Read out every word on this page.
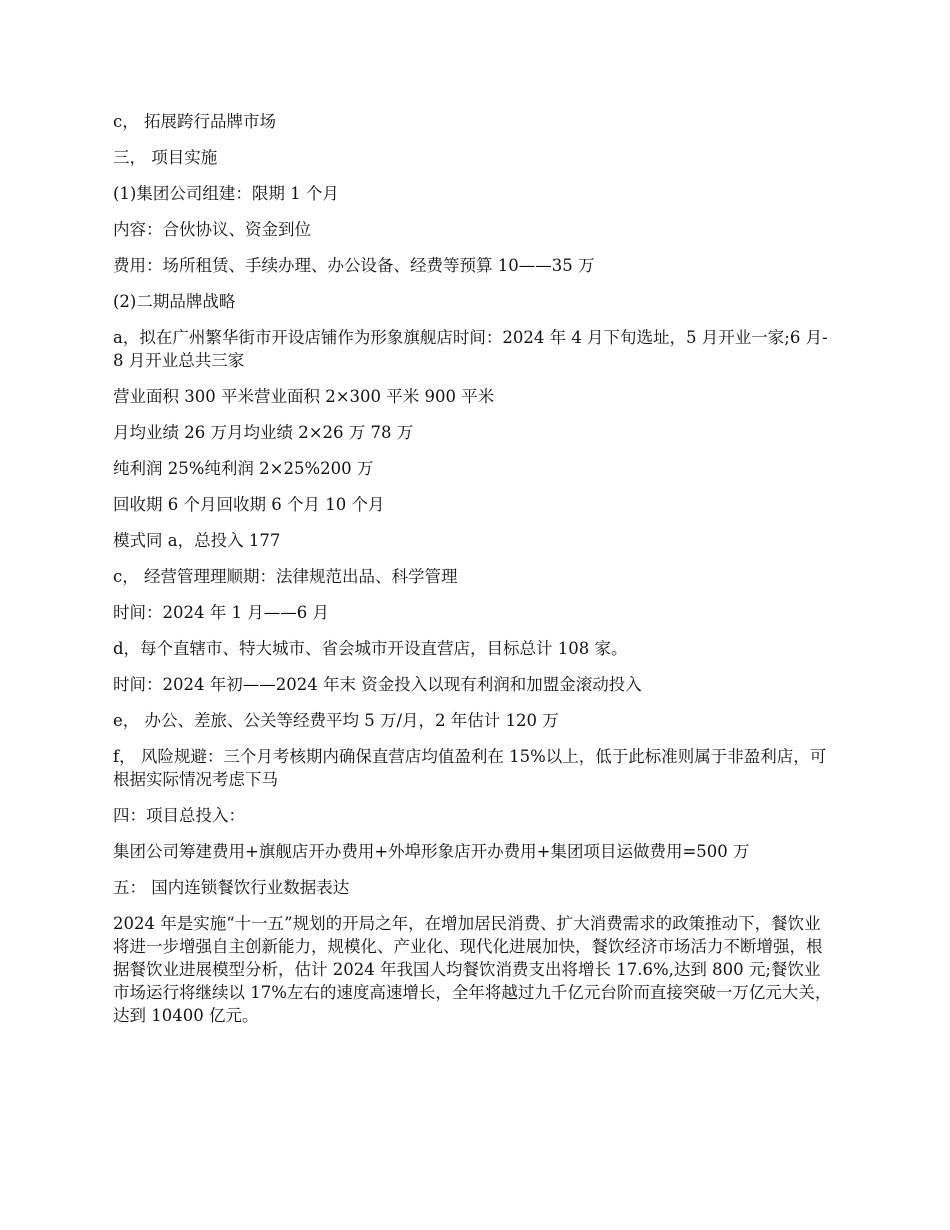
c， 拓展跨行品牌市场

三， 项目实施

(1)集团公司组建：限期 1 个月

内容：合伙协议、资金到位

费用：场所租赁、手续办理、办公设备、经费等预算 10——35 万

(2)二期品牌战略

a，拟在广州繁华街市开设店铺作为形象旗舰店时间：2024 年 4 月下旬选址，5 月开业一家;6 月-8 月开业总共三家

营业面积 300 平米营业面积 2×300 平米 900 平米

月均业绩 26 万月均业绩 2×26 万 78 万

纯利润 25%纯利润 2×25%200 万

回收期 6 个月回收期 6 个月 10 个月

模式同 a，总投入 177

c， 经营管理理顺期：法律规范出品、科学管理

时间：2024 年 1 月——6 月

d，每个直辖市、特大城市、省会城市开设直营店，目标总计 108 家。

时间：2024 年初——2024 年末 资金投入以现有利润和加盟金滚动投入

e， 办公、差旅、公关等经费平均 5 万/月，2 年估计 120 万

f， 风险规避：三个月考核期内确保直营店均值盈利在 15%以上，低于此标准则属于非盈利店，可根据实际情况考虑下马

四：项目总投入：

集团公司筹建费用+旗舰店开办费用+外埠形象店开办费用+集团项目运做费用=500 万

五： 国内连锁餐饮行业数据表达

2024 年是实施“十一五”规划的开局之年，在增加居民消费、扩大消费需求的政策推动下，餐饮业将进一步增强自主创新能力，规模化、产业化、现代化进展加快，餐饮经济市场活力不断增强，根据餐饮业进展模型分析，估计 2024 年我国人均餐饮消费支出将增长 17.6%,达到 800 元;餐饮业市场运行将继续以 17%左右的速度高速增长，全年将越过九千亿元台阶而直接突破一万亿元大关，达到 10400 亿元。
